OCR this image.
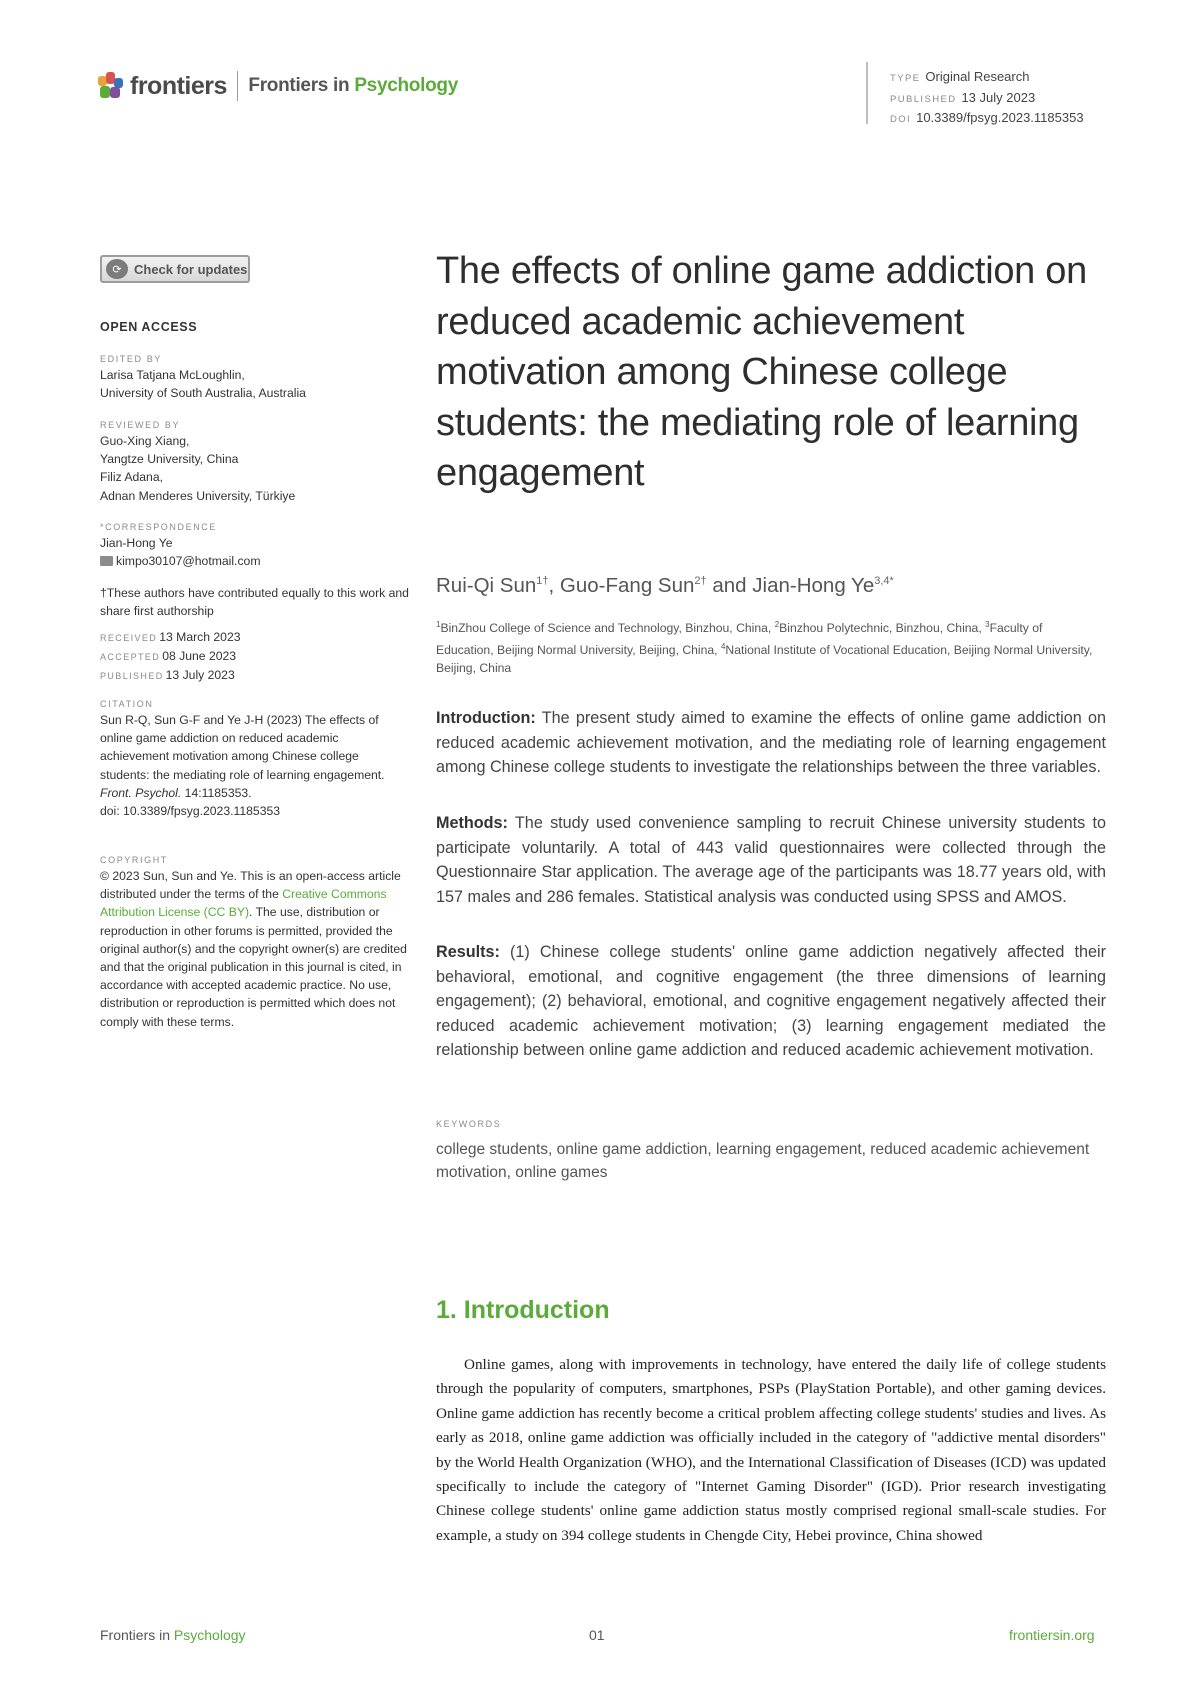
frontiers Frontiers in Psychology	TYPE Original Research
PUBLISHED 13 July 2023
DOI 10.3389/fpsyg.2023.1185353
⟳ Check for updates
OPEN ACCESS
EDITED BY
Larisa Tatjana McLoughlin,
University of South Australia, Australia
REVIEWED BY
Guo-Xing Xiang,
Yangtze University, China
Filiz Adana,
Adnan Menderes University, Türkiye
*CORRESPONDENCE
Jian-Hong Ye
kimpo30107@hotmail.com
†These authors have contributed equally to this work and share first authorship
RECEIVED 13 March 2023
ACCEPTED 08 June 2023
PUBLISHED 13 July 2023
CITATION
Sun R-Q, Sun G-F and Ye J-H (2023) The effects of online game addiction on reduced academic achievement motivation among Chinese college students: the mediating role of learning engagement.
Front. Psychol. 14:1185353.
doi: 10.3389/fpsyg.2023.1185353
COPYRIGHT
© 2023 Sun, Sun and Ye. This is an open-access article distributed under the terms of the Creative Commons Attribution License (CC BY). The use, distribution or reproduction in other forums is permitted, provided the original author(s) and the copyright owner(s) are credited and that the original publication in this journal is cited, in accordance with accepted academic practice. No use, distribution or reproduction is permitted which does not comply with these terms.
The effects of online game addiction on reduced academic achievement motivation among Chinese college students: the mediating role of learning engagement
Rui-Qi Sun$^{1\dagger}$, Guo-Fang Sun$^{2\dagger}$ and Jian-Hong $Ye^{3,4*}$
$^1$BinZhou College of Science and Technology, Binzhou, China, $^2$Binzhou Polytechnic, Binzhou, China, $^3$Faculty of Education, Beijing Normal University, Beijing, China, $^4$National Institute of Vocational Education, Beijing Normal University, Beijing, China

Introduction: The present study aimed to examine the effects of online game addiction on reduced academic achievement motivation, and the mediating role of learning engagement among Chinese college students to investigate the relationships between the three variables.

Methods: The study used convenience sampling to recruit Chinese university students to participate voluntarily. A total of 443 valid questionnaires were collected through the Questionnaire Star application. The average age of the participants was 18.77 years old, with 157 males and 286 females. Statistical analysis was conducted using SPSS and AMOS.

Results: (1) Chinese college students' online game addiction negatively affected their behavioral, emotional, and cognitive engagement (the three dimensions of learning engagement); (2) behavioral, emotional, and cognitive engagement negatively affected their reduced academic achievement motivation; (3) learning engagement mediated the relationship between online game addiction and reduced academic achievement motivation.

KEYWORDS
college students, online game addiction, learning engagement, reduced academic achievement motivation, online games
1. Introduction

Online games, along with improvements in technology, have entered the daily life of college students through the popularity of computers, smartphones, PSPs (PlayStation Portable), and other gaming devices. Online game addiction has recently become a critical problem affecting college students' studies and lives. As early as 2018, online game addiction was officially included in the category of "addictive mental disorders" by the World Health Organization (WHO), and the International Classification of Diseases (ICD) was updated specifically to include the category of "Internet Gaming Disorder" (IGD). Prior research investigating Chinese college students' online game addiction status mostly comprised regional small-scale studies. For example, a study on 394 college students in Chengde City, Hebei province, China showed

Frontiers in Psychology	01	frontiersin.org
